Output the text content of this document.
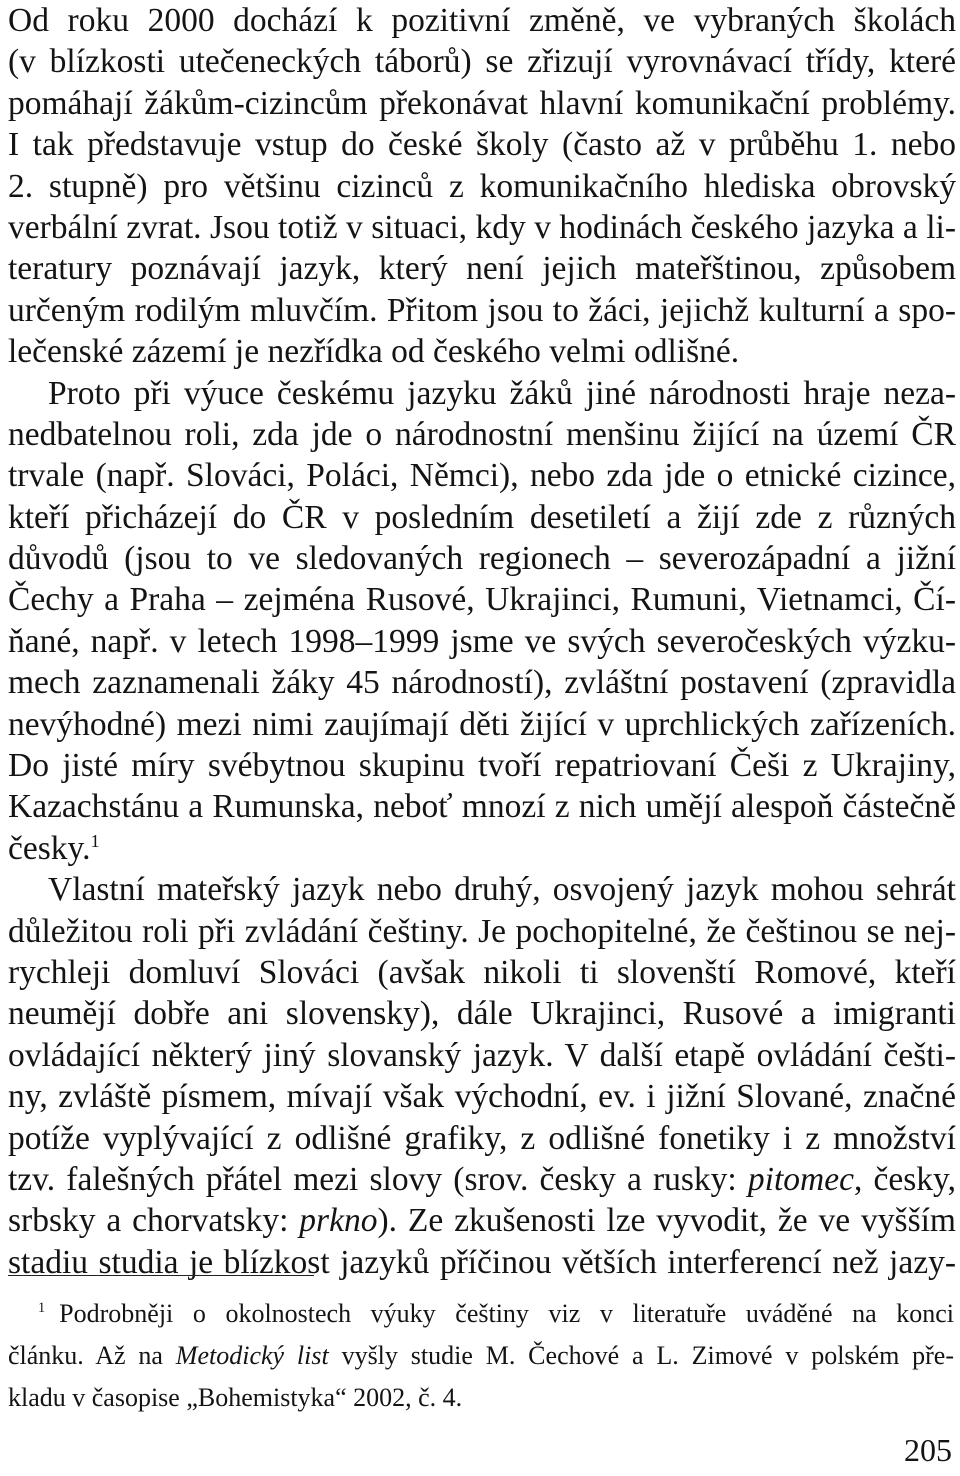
Od roku 2000 dochází k pozitivní změně, ve vybraných školách
(v blízkosti utečeneckých táborů) se zřizují vyrovnávací třídy, které
pomáhají žákům-cizincům překonávat hlavní komunikační problémy.
I tak představuje vstup do české školy (často až v průběhu 1. nebo
2. stupně) pro většinu cizinců z komunikačního hlediska obrovský
verbální zvrat. Jsou totiž v situaci, kdy v hodinách českého jazyka a li-
teratury poznávají jazyk, který není jejich mateřštinou, způsobem
určeným rodilým mluvčím. Přitom jsou to žáci, jejichž kulturní a spo-
lečenské zázemí je nezřídka od českého velmi odlišné.
Proto při výuce českému jazyku žáků jiné národnosti hraje neza-
nedbatelnou roli, zda jde o národnostní menšinu žijící na území ČR
trvale (např. Slováci, Poláci, Němci), nebo zda jde o etnické cizince,
kteří přicházejí do ČR v posledním desetiletí a žijí zde z různých
důvodů (jsou to ve sledovaných regionech – severozápadní a jižní
Čechy a Praha – zejména Rusové, Ukrajinci, Rumuni, Vietnamci, Čí-
ňané, např. v letech 1998–1999 jsme ve svých severočeských výzku-
mech zaznamenali žáky 45 národností), zvláštní postavení (zpravidla
nevýhodné) mezi nimi zaujímají děti žijící v uprchlických zařízeních.
Do jisté míry svébytnou skupinu tvoří repatriovaní Češi z Ukrajiny,
Kazachstánu a Rumunska, neboť mnozí z nich umějí alespoň částečně
česky.$^1$
Vlastní mateřský jazyk nebo druhý, osvojený jazyk mohou sehrát
důležitou roli při zvládání češtiny. Je pochopitelné, že češtinou se nej-
rychleji domluví Slováci (avšak nikoli ti slovenští Romové, kteří
neumějí dobře ani slovensky), dále Ukrajinci, Rusové a imigranti
ovládající některý jiný slovanský jazyk. V další etapě ovládání češti-
ny, zvláště písmem, mívají však východní, ev. i jižní Slované, značné
potíže vyplývající z odlišné grafiky, z odlišné fonetiky i z množství
tzv. falešných přátel mezi slovy (srov. česky a rusky: pitomec, česky,
srbsky a chorvatsky: prkno). Ze zkušenosti lze vyvodit, že ve vyšším
stadiu studia je blízkost jazyků příčinou větších interferencí než jazy-
$^1$ Podrobněji o okolnostech výuky češtiny viz v literatuře uváděné na konci
článku. Až na Metodický list vyšly studie M. Čechové a L. Zimové v polském pře-
kladu v časopise „Bohemistyka“ 2002, č. 4.
205
